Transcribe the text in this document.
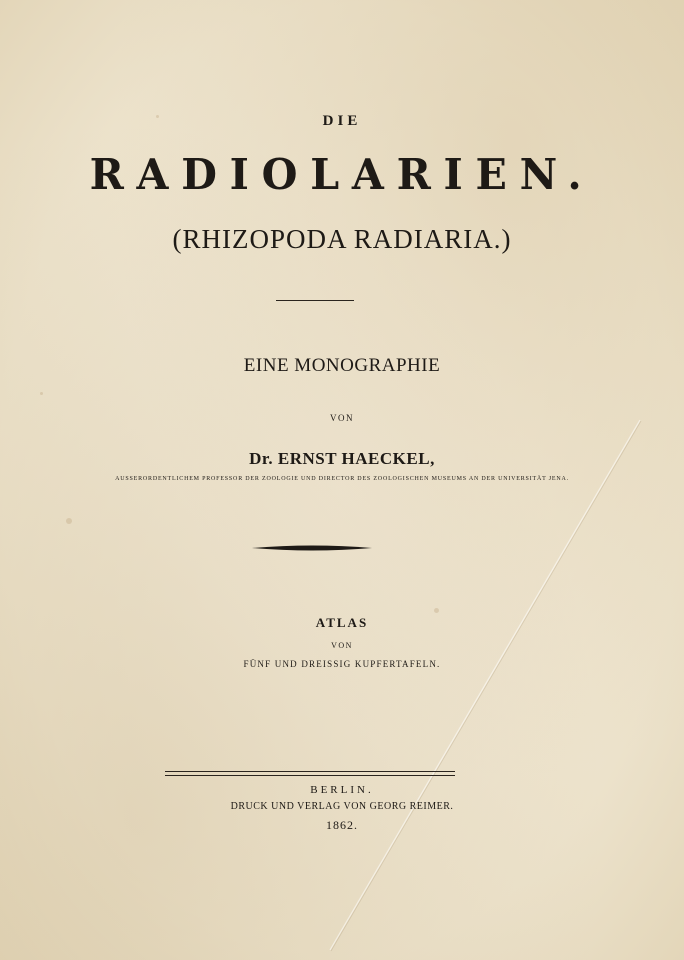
DIE
RADIOLARIEN.
(RHIZOPODA RADIARIA.)
EINE MONOGRAPHIE
VON
Dr. ERNST HAECKEL,
AUSSERORDENTLICHEM PROFESSOR DER ZOOLOGIE UND DIRECTOR DES ZOOLOGISCHEN MUSEUMS AN DER UNIVERSITÄT JENA.
ATLAS
VON
FÜNF UND DREISSIG KUPFERTAFELN.
BERLIN.
DRUCK UND VERLAG VON GEORG REIMER.
1862.
